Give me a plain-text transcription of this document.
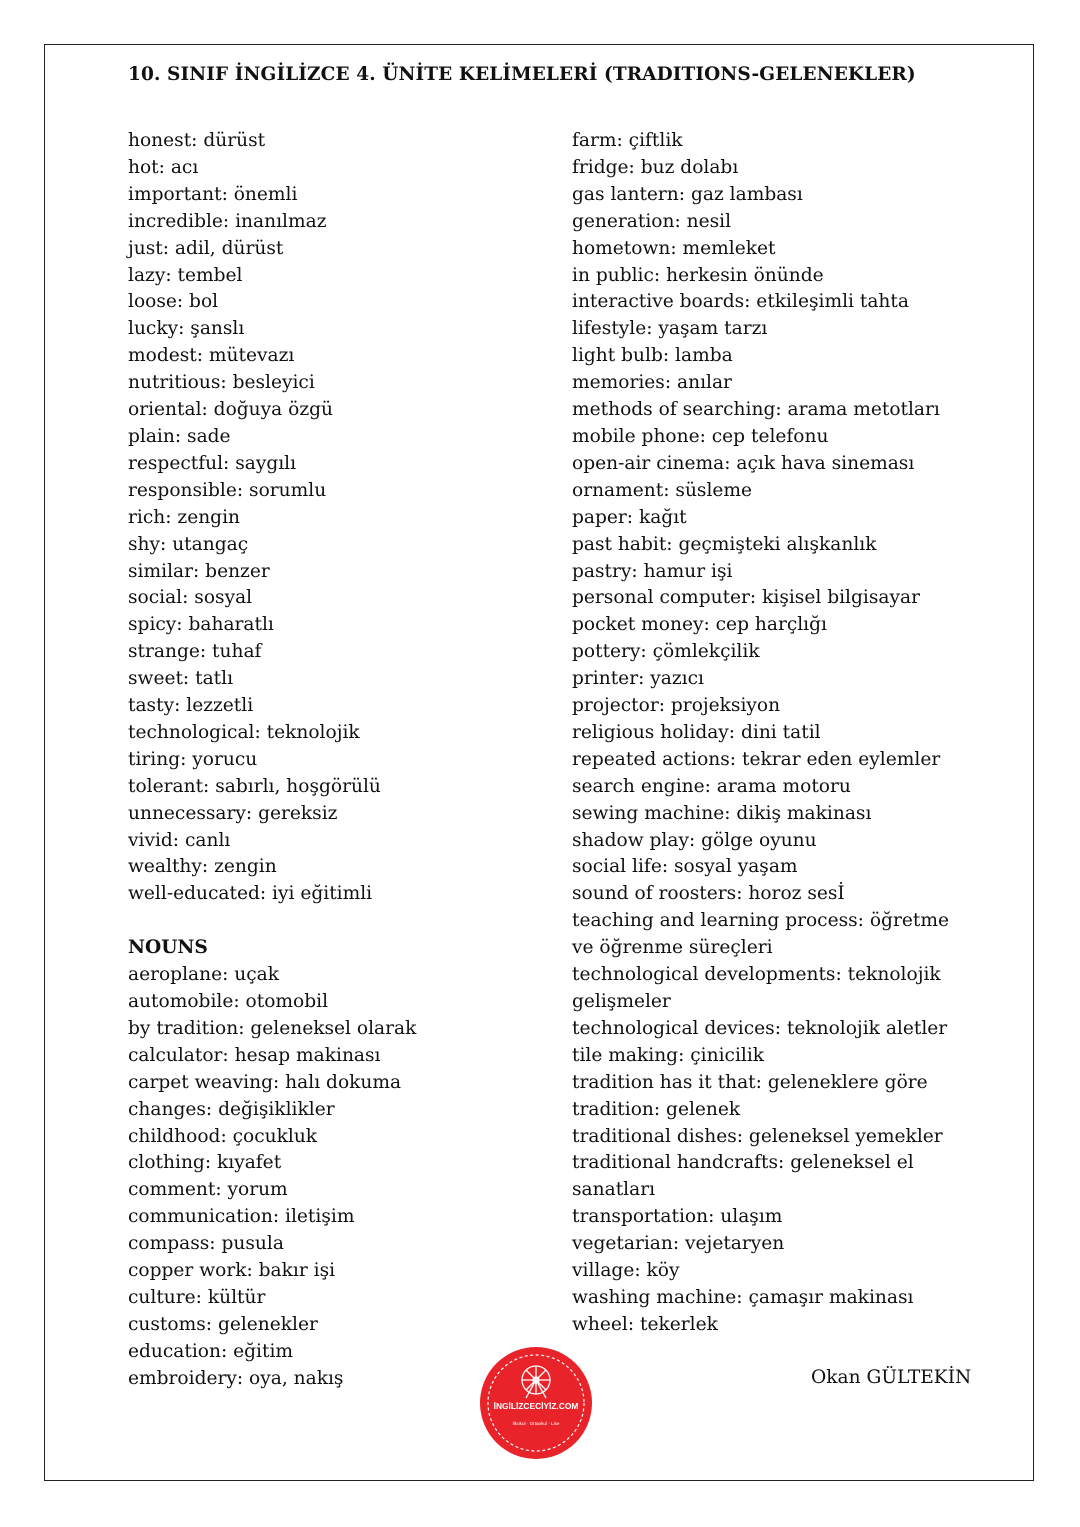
10. SINIF İNGİLİZCE 4. ÜNİTE KELİMELERİ (TRADITIONS-GELENEKLER)
honest: dürüst
hot: acı
important: önemli
incredible: inanılmaz
just: adil, dürüst
lazy: tembel
loose: bol
lucky: şanslı
modest: mütevazı
nutritious: besleyici
oriental: doğuya özgü
plain: sade
respectful: saygılı
responsible: sorumlu
rich: zengin
shy: utangaç
similar: benzer
social: sosyal
spicy: baharatlı
strange: tuhaf
sweet: tatlı
tasty: lezzetli
technological: teknolojik
tiring: yorucu
tolerant: sabırlı, hoşgörülü
unnecessary: gereksiz
vivid: canlı
wealthy: zengin
well-educated: iyi eğitimli
NOUNS
aeroplane: uçak
automobile: otomobil
by tradition: geleneksel olarak
calculator: hesap makinası
carpet weaving: halı dokuma
changes: değişiklikler
childhood: çocukluk
clothing: kıyafet
comment: yorum
communication: iletişim
compass: pusula
copper work: bakır işi
culture: kültür
customs: gelenekler
education: eğitim
embroidery: oya, nakış
farm: çiftlik
fridge: buz dolabı
gas lantern: gaz lambası
generation: nesil
hometown: memleket
in public: herkesin önünde
interactive boards: etkileşimli tahta
lifestyle: yaşam tarzı
light bulb: lamba
memories: anılar
methods of searching: arama metotları
mobile phone: cep telefonu
open-air cinema: açık hava sineması
ornament: süsleme
paper: kağıt
past habit: geçmişteki alışkanlık
pastry: hamur işi
personal computer: kişisel bilgisayar
pocket money: cep harçlığı
pottery: çömlekçilik
printer: yazıcı
projector: projeksiyon
religious holiday: dini tatil
repeated actions: tekrar eden eylemler
search engine: arama motoru
sewing machine: dikiş makinası
shadow play: gölge oyunu
social life: sosyal yaşam
sound of roosters: horoz sesİ
teaching and learning process: öğretme ve öğrenme süreçleri
technological developments: teknolojik gelişmeler
technological devices: teknolojik aletler
tile making: çinicilik
tradition has it that: geleneklere göre
tradition: gelenek
traditional dishes: geleneksel yemekler
traditional handcrafts: geleneksel el sanatları
transportation: ulaşım
vegetarian: vejetaryen
village: köy
washing machine: çamaşır makinası
wheel: tekerlek
İNGİLİZCECİYİZ.COM
İlkokul · Ortaokul · Lise
Okan GÜLTEKİN
